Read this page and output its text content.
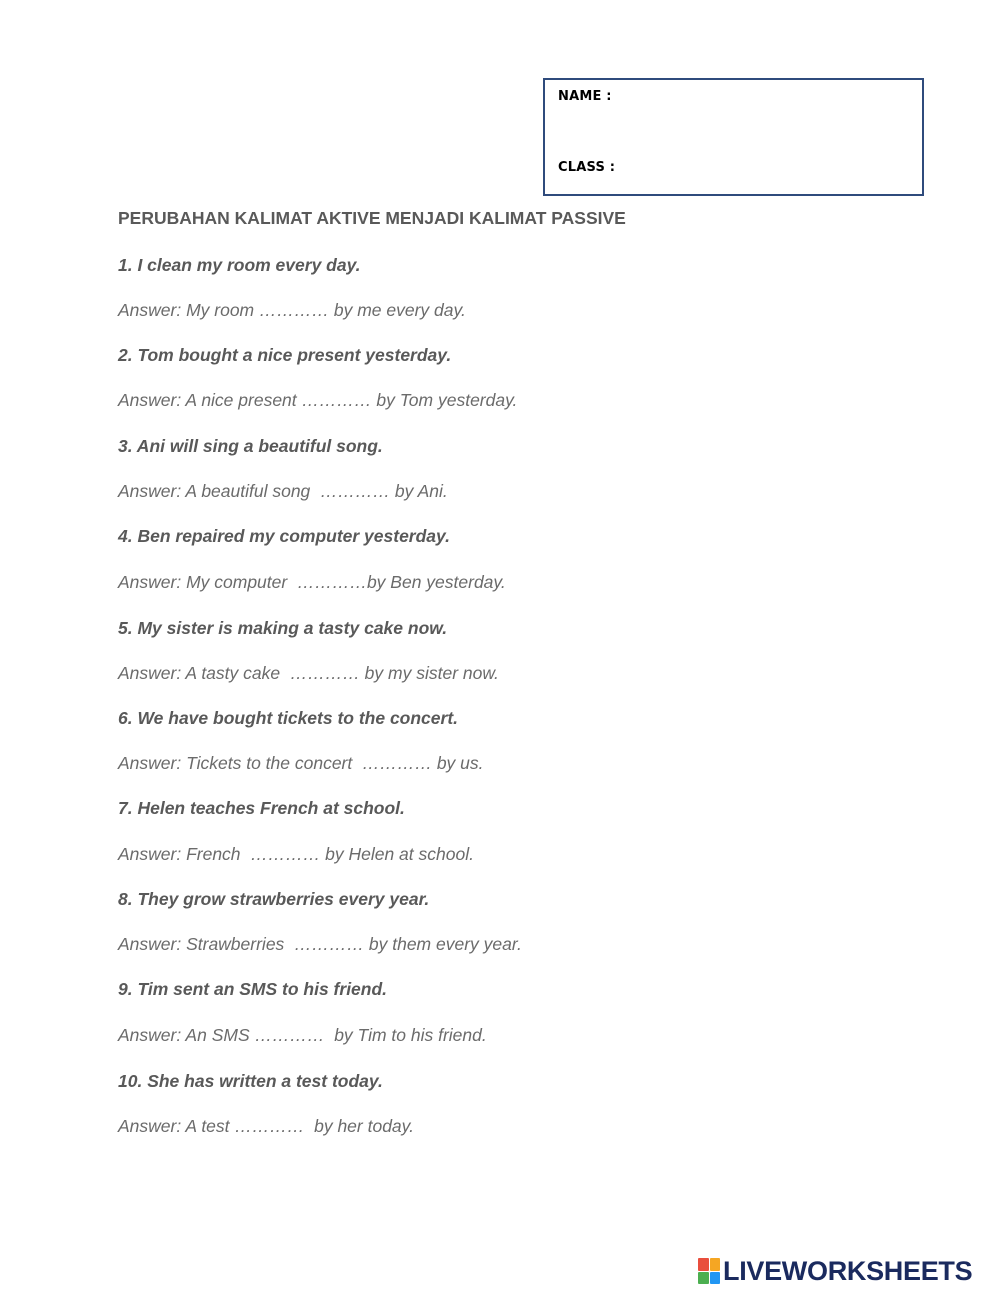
NAME :
CLASS :
PERUBAHAN KALIMAT AKTIVE MENJADI KALIMAT PASSIVE
1. I clean my room every day.
Answer: My room ………… by me every day.
2. Tom bought a nice present yesterday.
Answer: A nice present ………… by Tom yesterday.
3. Ani will sing a beautiful song.
Answer: A beautiful song  ………… by Ani.
4. Ben repaired my computer yesterday.
Answer: My computer  …………by Ben yesterday.
5. My sister is making a tasty cake now.
Answer: A tasty cake  ………… by my sister now.
6. We have bought tickets to the concert.
Answer: Tickets to the concert  ………… by us.
7. Helen teaches French at school.
Answer: French  ………… by Helen at school.
8. They grow strawberries every year.
Answer: Strawberries  ………… by them every year.
9. Tim sent an SMS to his friend.
Answer: An SMS …………  by Tim to his friend.
10. She has written a test today.
Answer: A test …………  by her today.
LIVEWORKSHEETS
